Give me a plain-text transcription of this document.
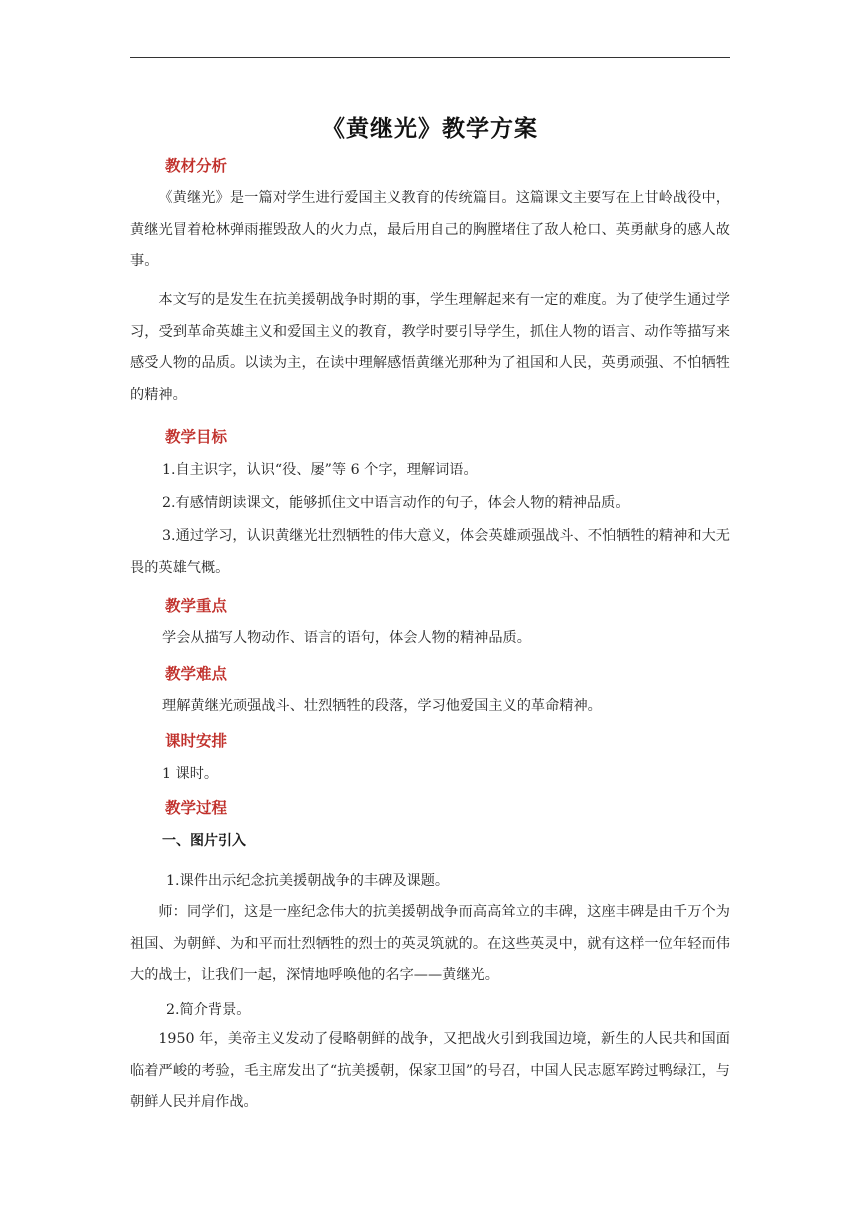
《黄继光》教学方案
教材分析
《黄继光》是一篇对学生进行爱国主义教育的传统篇目。这篇课文主要写在上甘岭战役中，黄继光冒着枪林弹雨摧毁敌人的火力点，最后用自己的胸膛堵住了敌人枪口、英勇献身的感人故事。
本文写的是发生在抗美援朝战争时期的事，学生理解起来有一定的难度。为了使学生通过学习，受到革命英雄主义和爱国主义的教育，教学时要引导学生，抓住人物的语言、动作等描写来感受人物的品质。以读为主，在读中理解感悟黄继光那种为了祖国和人民，英勇顽强、不怕牺牲的精神。
教学目标
1.自主识字，认识“役、屡”等 6 个字，理解词语。
2.有感情朗读课文，能够抓住文中语言动作的句子，体会人物的精神品质。
3.通过学习，认识黄继光壮烈牺牲的伟大意义，体会英雄顽强战斗、不怕牺牲的精神和大无畏的英雄气概。
教学重点
学会从描写人物动作、语言的语句，体会人物的精神品质。
教学难点
理解黄继光顽强战斗、壮烈牺牲的段落，学习他爱国主义的革命精神。
课时安排
1 课时。
教学过程
一、图片引入
1.课件出示纪念抗美援朝战争的丰碑及课题。
师：同学们，这是一座纪念伟大的抗美援朝战争而高高耸立的丰碑，这座丰碑是由千万个为祖国、为朝鲜、为和平而壮烈牺牲的烈士的英灵筑就的。在这些英灵中，就有这样一位年轻而伟大的战士，让我们一起，深情地呼唤他的名字——黄继光。
2.简介背景。
1950 年，美帝主义发动了侵略朝鲜的战争，又把战火引到我国边境，新生的人民共和国面临着严峻的考验，毛主席发出了“抗美援朝，保家卫国”的号召，中国人民志愿军跨过鸭绿江，与朝鲜人民并肩作战。
